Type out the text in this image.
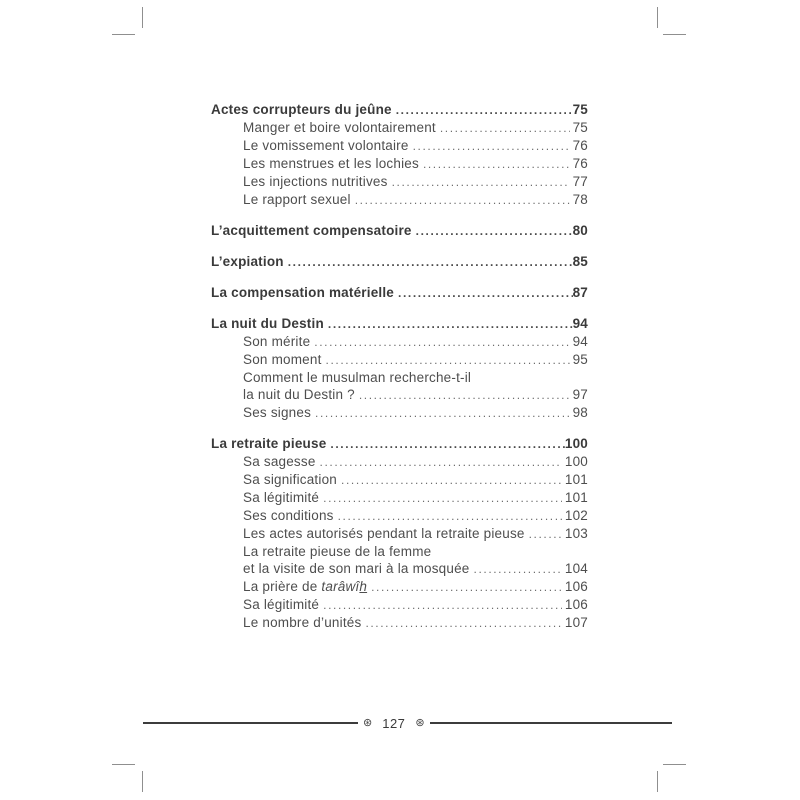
Actes corrupteurs du jeûne .....	75
Manger et boire volontairement .....	75
Le vomissement volontaire .....	76
Les menstrues et les lochies .....	76
Les injections nutritives .....	77
Le rapport sexuel .....	78
L’acquittement compensatoire .....	80
L’expiation .....	85
La compensation matérielle .....	87
La nuit du Destin .....	94
Son mérite .....	94
Son moment .....	95
Comment le musulman recherche-t-il
la nuit du Destin ? .....	97
Ses signes .....	98
La retraite pieuse .....	100
Sa sagesse .....	100
Sa signification .....	101
Sa légitimité .....	101
Ses conditions .....	102
Les actes autorisés pendant la retraite pieuse .....	103
La retraite pieuse de la femme
et la visite de son mari à la mosquée .....	104
La prière de tarâwîh .....	106
Sa légitimité .....	106
Le nombre d’unités .....	107
⊛ 127 ⊛
